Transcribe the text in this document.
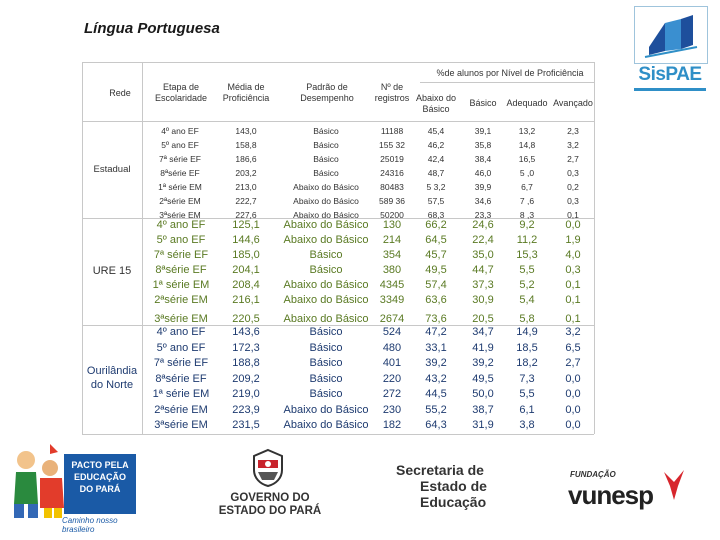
Língua Portuguesa
SisPAE
Rede
Etapa de Escolaridade
Média de Proficiência
Padrão de Desempenho
Nº de registros
%de alunos por Nível de Proficiência
Abaixo do Básico
Básico	Adequado Avançado
Estadual
4º ano EF
5º ano EF
7ª série EF
8ªsérie EF
1ª série EM
2ªsérie EM
3ªsérie EM
143,0
158,8
186,6
203,2
213,0
222,7
227,6
Básico
Básico
Básico
Básico
Abaixo do Básico
Abaixo do Básico
Abaixo do Básico
11188
155 32
25019
24316
80483
589 36
50200
45,4
46,2
42,4
48,7
5 3,2
57,5
68,3
39,1
35,8
38,4
46,0
39,9
34,6
23,3
13,2
14,8
16,5
5 ,0
6,7
7 ,6
8 ,3
2,3
3,2
2,7
0,3
0,2
0,3
0,1
URE 15
4º ano EF
5º ano EF
7ª série EF
8ªsérie EF
1ª série EM
2ªsérie EM
3ªsérie EM
125,1
144,6
185,0
204,1
208,4
216,1
220,5
Abaixo do Básico
Abaixo do Básico
Básico
Básico
Abaixo do Básico
Abaixo do Básico
Abaixo do Básico
130
214
354
380
4345
3349
2674
66,2
64,5
45,7
49,5
57,4
63,6
73,6
24,6
22,4
35,0
44,7
37,3
30,9
20,5
9,2
11,2
15,3
5,5
5,2
5,4
5,8
0,0
1,9
4,0
0,3
0,1
0,1
0,1
Ourilândia do Norte
4º ano EF
5º ano EF
7ª série EF
8ªsérie EF
1ª série EM
2ªsérie EM
3ªsérie EM
143,6
172,3
188,8
209,2
219,0
223,9
231,5
Básico
Básico
Básico
Básico
Básico
Abaixo do Básico
Abaixo do Básico
524
480
401
220
272
230
182
47,2
33,1
39,2
43,2
44,5
55,2
64,3
34,7
41,9
39,2
49,5
50,0
38,7
31,9
14,9
18,5
18,2
7,3
5,5
6,1
3,8
3,2
6,5
2,7
0,0
0,0
0,0
0,0
PACTO PELA
EDUCAÇÃO
DO PARÁ
Caminho nosso brasileiro
GOVERNO DO
ESTADO DO PARÁ
Secretaria de
Estado de
Educação
FUNDAÇÃO
vunesp
